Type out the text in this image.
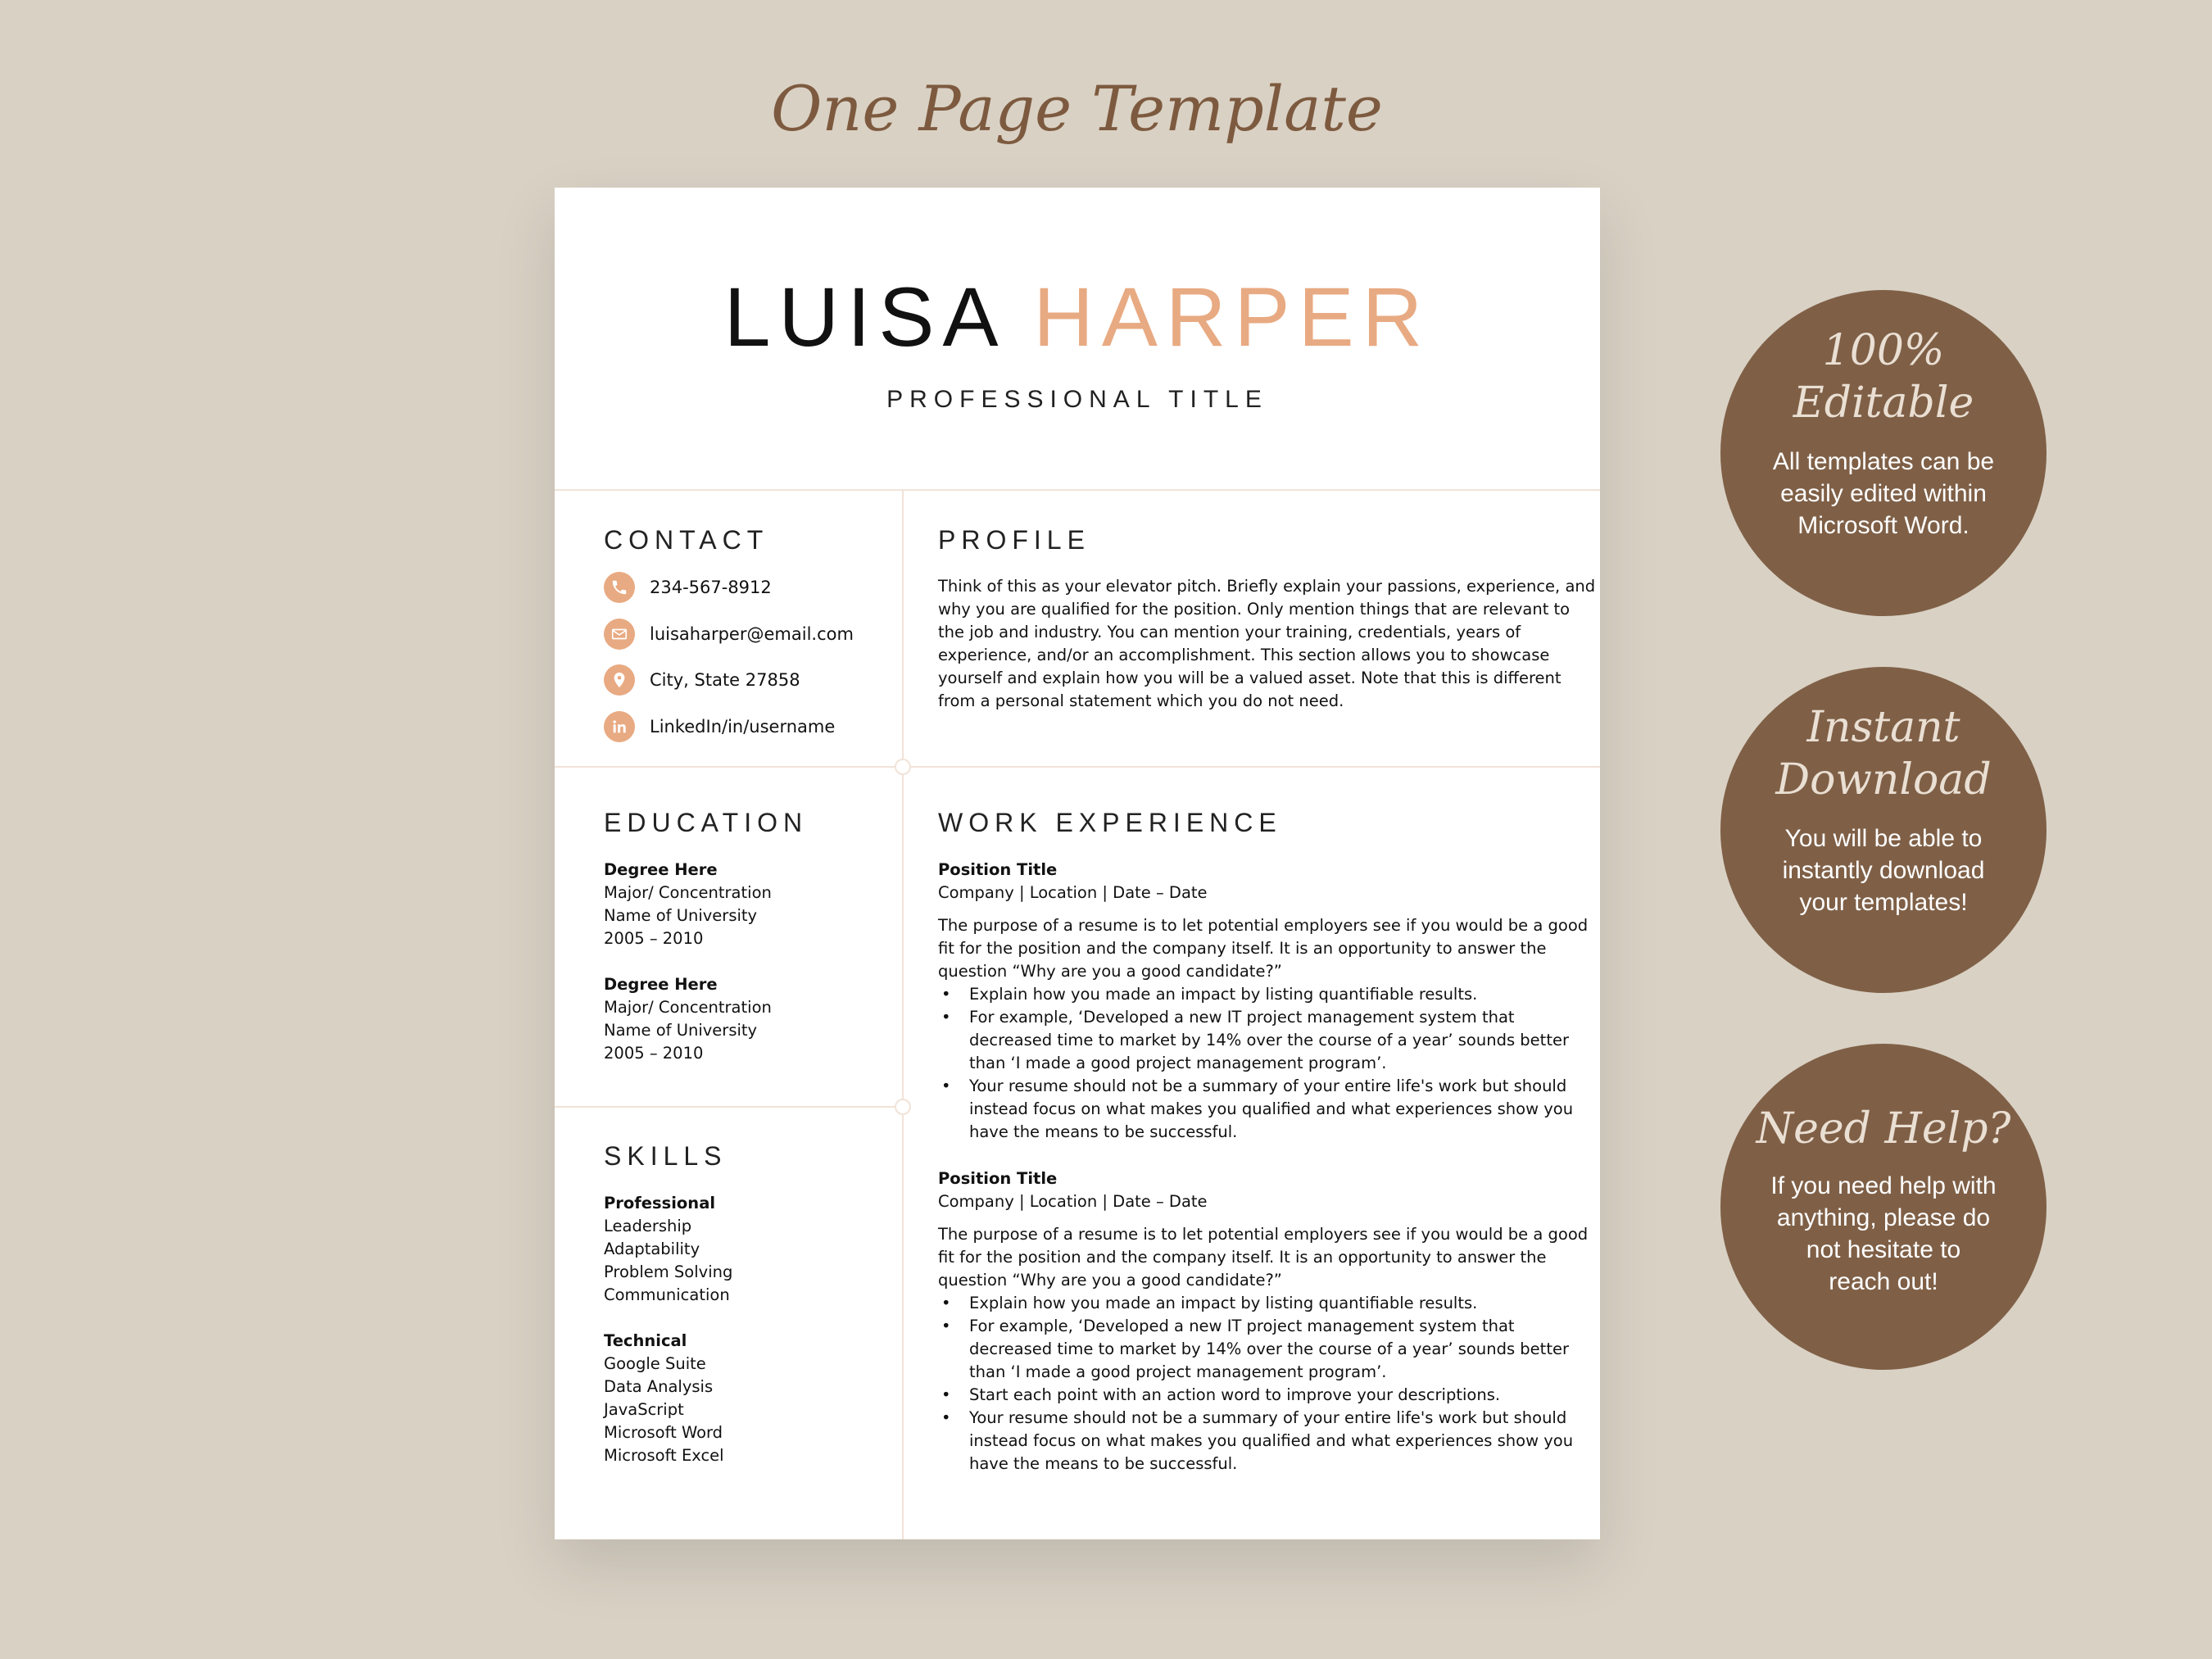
One Page Template
LUISA HARPER
PROFESSIONAL TITLE
CONTACT
234-567-8912
luisaharper@email.com
City, State 27858
LinkedIn/in/username
PROFILE
Think of this as your elevator pitch. Briefly explain your passions, experience, and
why you are qualified for the position. Only mention things that are relevant to
the job and industry. You can mention your training, credentials, years of
experience, and/or an accomplishment. This section allows you to showcase
yourself and explain how you will be a valued asset. Note that this is different
from a personal statement which you do not need.
EDUCATION
Degree Here
Major/ Concentration
Name of University
2005 – 2010
Degree Here
Major/ Concentration
Name of University
2005 – 2010
SKILLS
Professional
Leadership
Adaptability
Problem Solving
Communication
Technical
Google Suite
Data Analysis
JavaScript
Microsoft Word
Microsoft Excel
WORK EXPERIENCE
Position Title
Company | Location | Date – Date
The purpose of a resume is to let potential employers see if you would be a good
fit for the position and the company itself. It is an opportunity to answer the
question “Why are you a good candidate?”
• Explain how you made an impact by listing quantifiable results.
• For example, ‘Developed a new IT project management system that
decreased time to market by 14% over the course of a year’ sounds better
than ‘I made a good project management program’.
• Your resume should not be a summary of your entire life's work but should
instead focus on what makes you qualified and what experiences show you
have the means to be successful.
Position Title
Company | Location | Date – Date
The purpose of a resume is to let potential employers see if you would be a good
fit for the position and the company itself. It is an opportunity to answer the
question “Why are you a good candidate?”
• Explain how you made an impact by listing quantifiable results.
• For example, ‘Developed a new IT project management system that
decreased time to market by 14% over the course of a year’ sounds better
than ‘I made a good project management program’.
• Start each point with an action word to improve your descriptions.
• Your resume should not be a summary of your entire life's work but should
instead focus on what makes you qualified and what experiences show you
have the means to be successful.
100%
Editable
All templates can be
easily edited within
Microsoft Word.
Instant
Download
You will be able to
instantly download
your templates!
Need Help?
If you need help with
anything, please do
not hesitate to
reach out!
